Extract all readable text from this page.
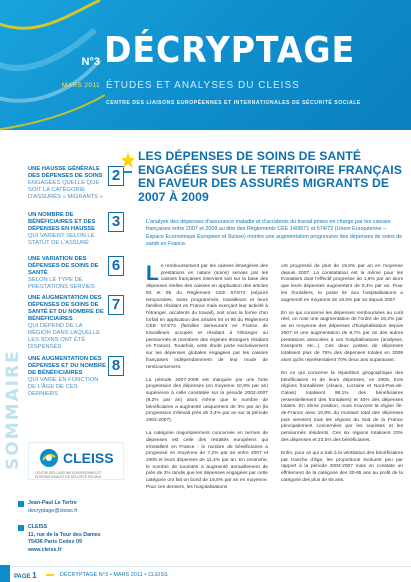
N°3
MARS 2011
DÉCRYPTAGE
ÉTUDES ET ANALYSES DU CLEISS
CENTRE DES LIAISONS EUROPÉENNES ET INTERNATIONALES DE SÉCURITÉ SOCIALE
SOMMAIRE
UNE HAUSSE GÉNÉRALE DES DÉPENSES DE SOINS
ENGAGÉES QUELLE QUE SOIT LA CATÉGORIE D'ASSURÉS « MIGRANTS »
2
UN NOMBRE DE BÉNÉFICIAIRES ET DES DÉPENSES EN HAUSSE
QUI VARIENT SELON LE STATUT DE L'ASSURÉ
3
UNE VARIATION DES DÉPENSES DE SOINS DE SANTÉ
SELON LE TYPE DE PRESTATIONS SERVIES
6
UNE AUGMENTATION DES DÉPENSES DE SOINS DE SANTÉ ET DU NOMBRE DE BÉNÉFICIAIRES
QUI DÉPEND DE LA RÉGION DANS LAQUELLE LES SOINS ONT ÉTÉ DISPENSÉS
7
UNE AUGMENTATION DES DÉPENSES ET DU NOMBRE DE BÉNÉFICIAIRES
QUI VARIE EN FONCTION DE L'ÂGE DE CES DERNIERS
8
CLEISS
CENTRE DES LIAISONS EUROPÉENNES ET INTERNATIONALES DE SÉCURITÉ SOCIALE
Jean-Paul Le Tertre
decryptage@cleiss.fr
CLEISS
11, rue de la Tour des Dames
75436 Paris Cedex 09
www.cleiss.fr
LES DÉPENSES DE SOINS DE SANTÉ ENGAGÉES SUR LE TERRITOIRE FRANÇAIS EN FAVEUR DES ASSURÉS MIGRANTS DE 2007 À 2009
L'analyse des dépenses d'assurance maladie et d'accidents du travail prises en charge par les caisses françaises entre 2007 et 2009 au titre des Règlements CEE 1408/71 et 574/72 (Union Européenne – Espace Economique Européen et Suisse) montre une augmentation progressive des dépenses de soins de santé en France.

Le remboursement par les caisses étrangères des prestations en nature (soins) servies par les caisses françaises intervient soit sur la base des dépenses réelles des caisses en application des articles 93 et 95 du Règlement CEE 574/72 (séjours temporaires, soins programmés, travailleurs et leurs familles résidant en France mais exerçant leur activité à l'étranger, accidents du travail), soit sous la forme d'un forfait en application des articles 94 et 95 du Règlement CEE 574/72 (familles demeurant en France de travailleurs occupés et résidant à l'étranger ou pensionnés et membres des régimes étrangers résidant en France). Toutefois, cette étude porte exclusivement sur les dépenses globales engagées par les caisses françaises indépendamment de leur mode de remboursement.

La période 2007-2009 est marquée par une forte progression des dépenses (en moyenne 10,9% par an) supérieure à celle constatée sur la période 2002-2007 (8,2% par an) alors même que le nombre de bénéficiaires a augmenté uniquement de 3% par an (la progression s'élevait près de 3,4% par an sur la période 2002-2007).

La catégorie majoritairement concernée en termes de dépenses est celle des retraités européens qui s'installent en France : le nombre de bénéficiaires a progressé en moyenne de 7,2% par an entre 2007 et 2009 et leurs dépenses de 11,4% par an. En revanche, le nombre de touristes a augmenté annuellement de près de 2% tandis que les dépenses engagées par cette catégorie ont fait un bond de 16,5% par an en moyenne. Pour ces derniers, les hospitalisations

ont progressé de plus de 18,5% par an en moyenne depuis 2007. La constatation est la même pour les frontaliers dont l'effectif progresse de 1,6% par an alors que leurs dépenses augmentent de 8,4% par an. Pour les frontaliers, le poste lié aux hospitalisations a augmenté en moyenne de 16,5% par an depuis 2007.

En ce qui concerne les dépenses remboursées au coût réel, on note une augmentation de l'ordre de 16,2% par an en moyenne des dépenses d'hospitalisation depuis 2007 et une augmentation de 8,7% par an des autres prestations associées à ces hospitalisations (analyses, transports etc...). Ces deux postes de dépenses totalisent plus de 75% des dépenses totales en 2009 alors qu'ils représentaient 70% deux ans auparavant.

En ce qui concerne la répartition géographique des bénéficiaires et de leurs dépenses, en 2009, trois régions frontalières (Alsace, Lorraine et Nord-Pas-de-Calais) totalisent 98,1% des bénéficiaires (essentiellement des frontaliers) et 40% des dépenses totales. En 2ème position, nous trouvons la région Île-de-France avec 10,9% du montant total des dépenses puis viennent tous les régions du Sud de la France principalement concernées par les touristes et les pensionnés résidents. Ces six régions totalisent 33% des dépenses et 23,5% des bénéficiaires.

Enfin, pour ce qui a trait à la ventilation des bénéficiaires par tranche d'âge, les proportions évoluent peu par rapport à la période 2002-2007 mais on constate un effritement de la catégorie des 20-65 ans au profit de la catégorie des plus de 65 ans.

PAGE 1	DÉCRYPTAGE N°3 • MARS 2011 • CLEISS
